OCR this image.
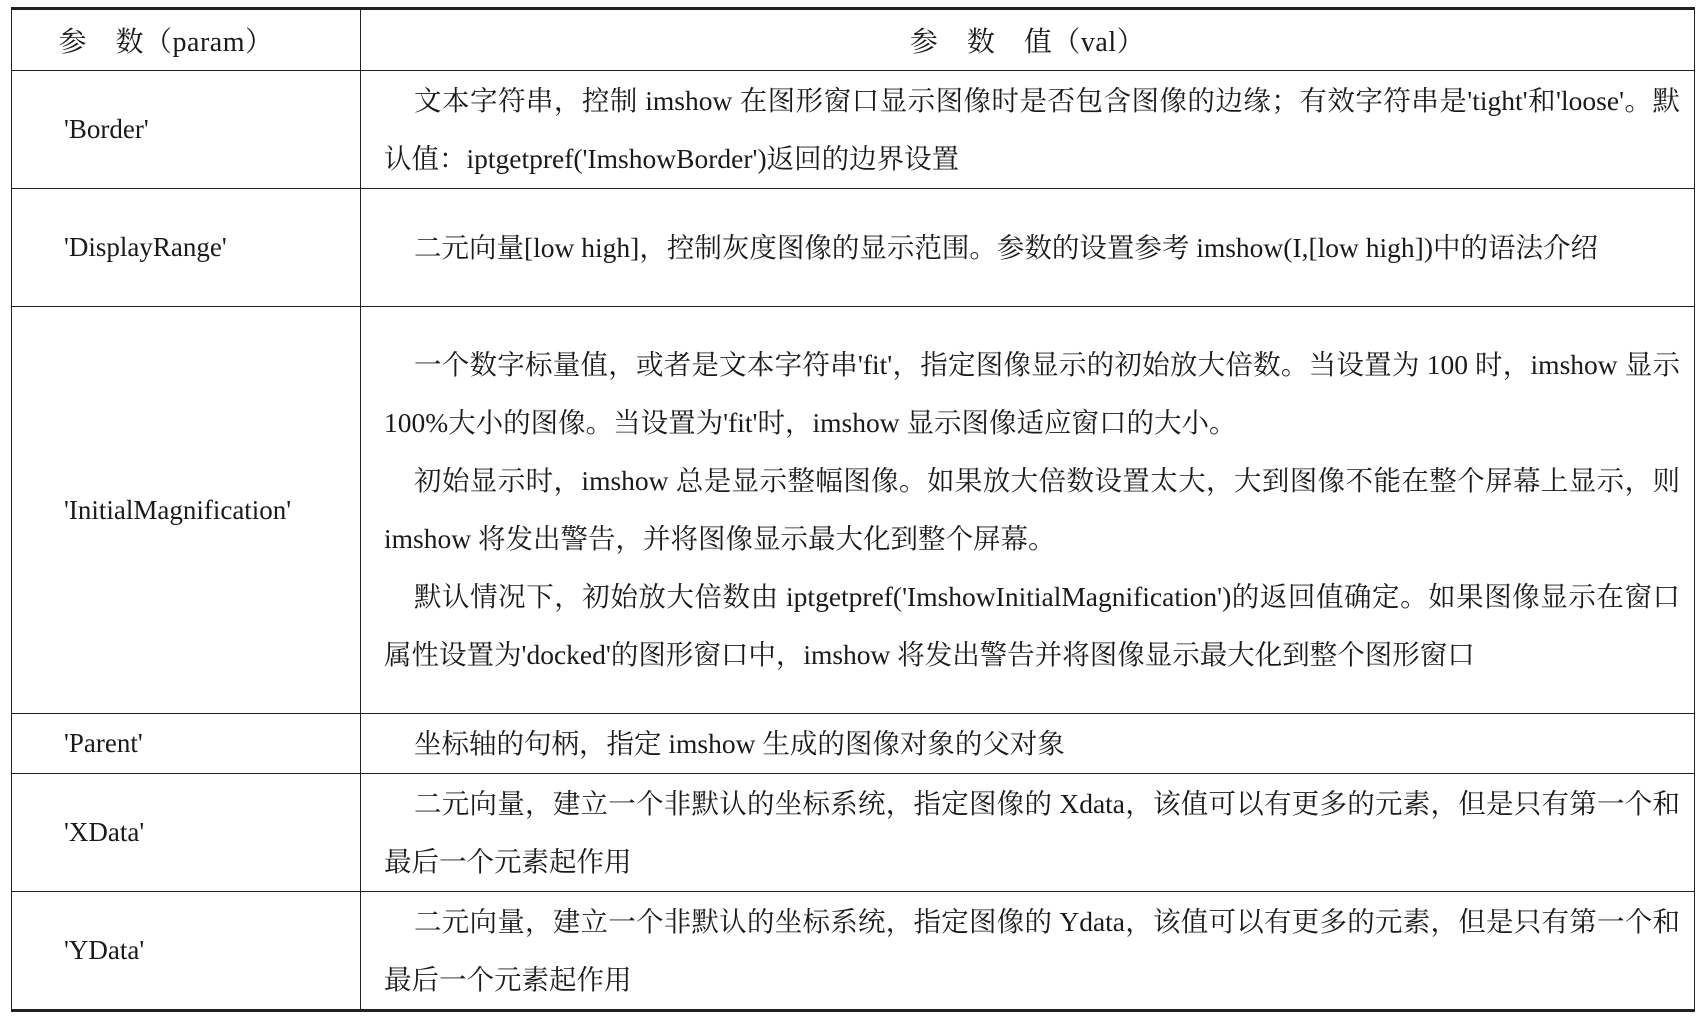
参　数（param）	参　数　值（val）
'Border'	文本字符串，控制 imshow 在图形窗口显示图像时是否包含图像的边缘；有效字符串是'tight'和'loose'。默认值：iptgetpref('ImshowBorder')返回的边界设置

'DisplayRange'	二元向量[low high]，控制灰度图像的显示范围。参数的设置参考 imshow(I,[low high])中的语法介绍

'InitialMagnification'	一个数字标量值，或者是文本字符串'fit'，指定图像显示的初始放大倍数。当设置为 100 时，imshow 显示 100%大小的图像。当设置为'fit'时，imshow 显示图像适应窗口的大小。

初始显示时，imshow 总是显示整幅图像。如果放大倍数设置太大，大到图像不能在整个屏幕上显示，则 imshow 将发出警告，并将图像显示最大化到整个屏幕。

默认情况下，初始放大倍数由 iptgetpref('ImshowInitialMagnification')的返回值确定。如果图像显示在窗口属性设置为'docked'的图形窗口中，imshow 将发出警告并将图像显示最大化到整个图形窗口

'Parent'	坐标轴的句柄，指定 imshow 生成的图像对象的父对象

'XData'	二元向量，建立一个非默认的坐标系统，指定图像的 Xdata，该值可以有更多的元素，但是只有第一个和最后一个元素起作用

'YData'	二元向量，建立一个非默认的坐标系统，指定图像的 Ydata，该值可以有更多的元素，但是只有第一个和最后一个元素起作用
